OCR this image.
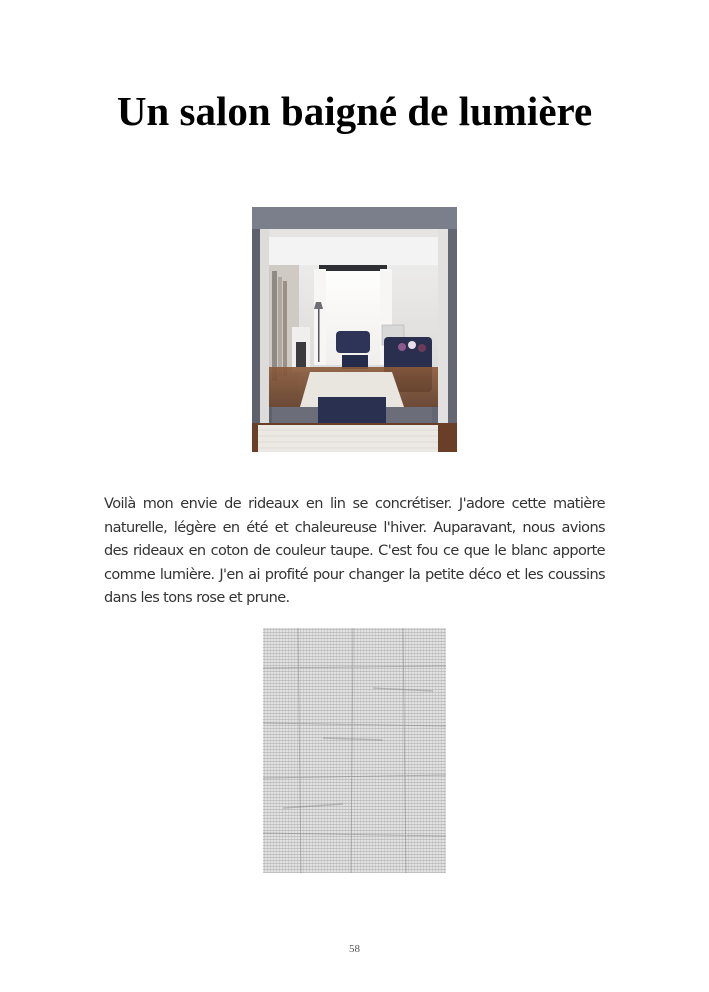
Un salon baigné de lumière

Voilà mon envie de rideaux en lin se concrétiser. J'adore cette matière naturelle, légère en été et chaleureuse l'hiver. Auparavant, nous avions des rideaux en coton de couleur taupe. C'est fou ce que le blanc apporte comme lumière. J'en ai profité pour changer la petite déco et les coussins dans les tons rose et prune.

58
